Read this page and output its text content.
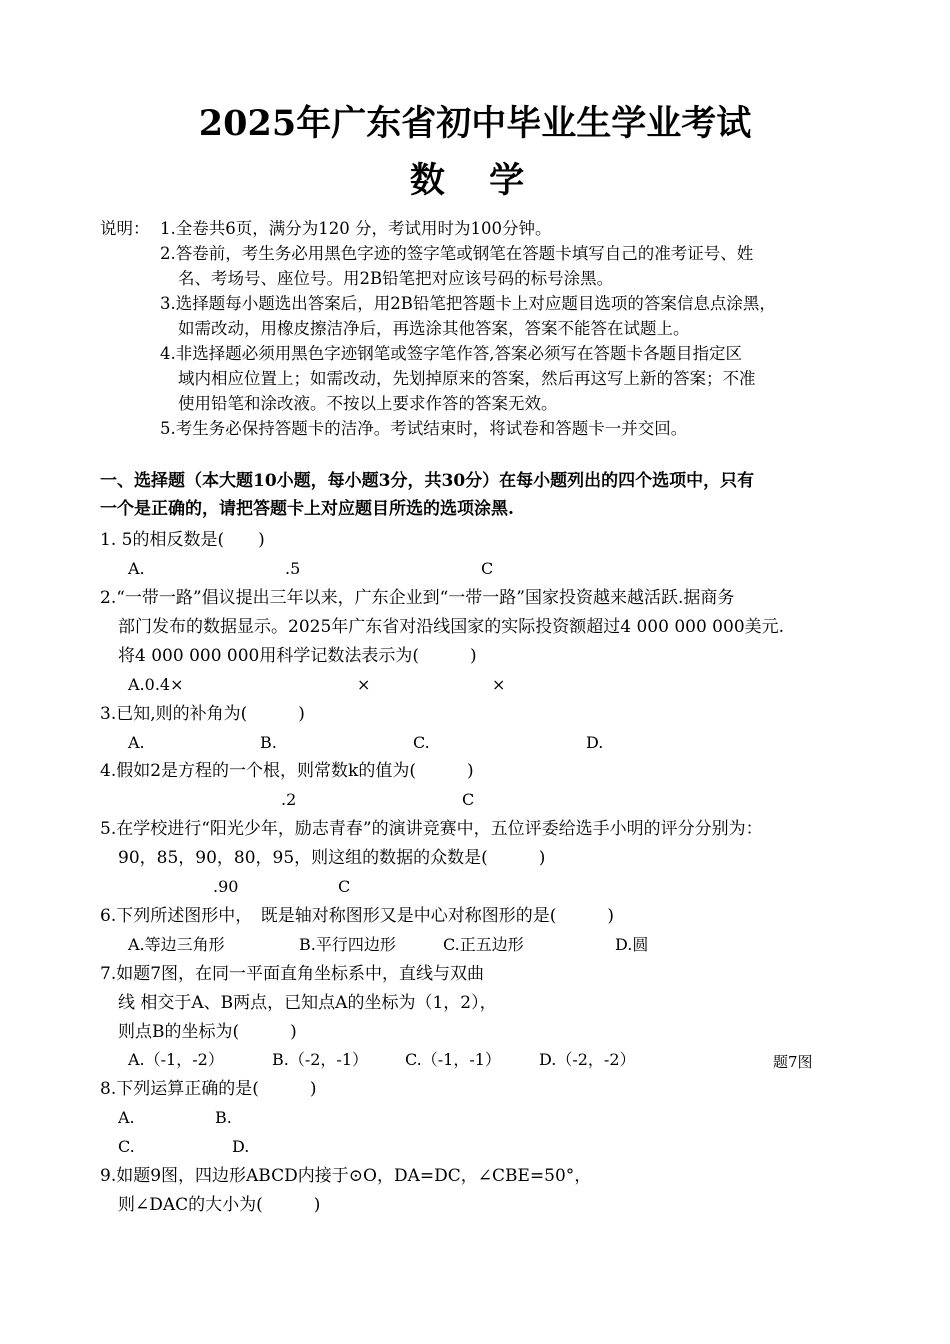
2025年广东省初中毕业生学业考试
数 学
说明： 1.全卷共6页，满分为120 分，考试用时为100分钟。
2.答卷前，考生务必用黑色字迹的签字笔或钢笔在答题卡填写自己的准考证号、姓
名、考场号、座位号。用2B铅笔把对应该号码的标号涂黑。
3.选择题每小题选出答案后，用2B铅笔把答题卡上对应题目选项的答案信息点涂黑，
如需改动，用橡皮擦洁净后，再选涂其他答案，答案不能答在试题上。
4.非选择题必须用黑色字迹钢笔或签字笔作答,答案必须写在答题卡各题目指定区
域内相应位置上；如需改动，先划掉原来的答案，然后再这写上新的答案；不准
使用铅笔和涂改液。不按以上要求作答的答案无效。
5.考生务必保持答题卡的洁净。考试结束时，将试卷和答题卡一并交回。
一、选择题（本大题10小题，每小题3分，共30分）在每小题列出的四个选项中，只有
一个是正确的，请把答题卡上对应题目所选的选项涂黑.
1. 5的相反数是(　　)
A.	.5	C
2.“一带一路”倡议提出三年以来，广东企业到“一带一路”国家投资越来越活跃.据商务
部门发布的数据显示。2025年广东省对沿线国家的实际投资额超过4 000 000 000美元.
将4 000 000 000用科学记数法表示为(　　　)
A.0.4×	×	×
3.已知,则的补角为(　　　)
A.	B.	C.	D.
4.假如2是方程的一个根，则常数k的值为(　　　)
.2	C
5.在学校进行“阳光少年，励志青春”的演讲竞赛中，五位评委给选手小明的评分分别为：
90，85，90，80，95，则这组的数据的众数是(　　　)
.90	C
6.下列所述图形中，　既是轴对称图形又是中心对称图形的是(　　　)
A.等边三角形	B.平行四边形	C.正五边形	D.圆
7.如题7图，在同一平面直角坐标系中，直线与双曲
线 相交于A、B两点，已知点A的坐标为（1，2），
则点B的坐标为(　　　)
A.（-1，-2）	B.（-2，-1） C.（-1，-1） D.（-2，-2）	题7图
8.下列运算正确的是(　　　)
A.	B.
C.	D.
9.如题9图，四边形ABCD内接于⊙O，DA=DC，∠CBE=50°，
则∠DAC的大小为(　　　)
